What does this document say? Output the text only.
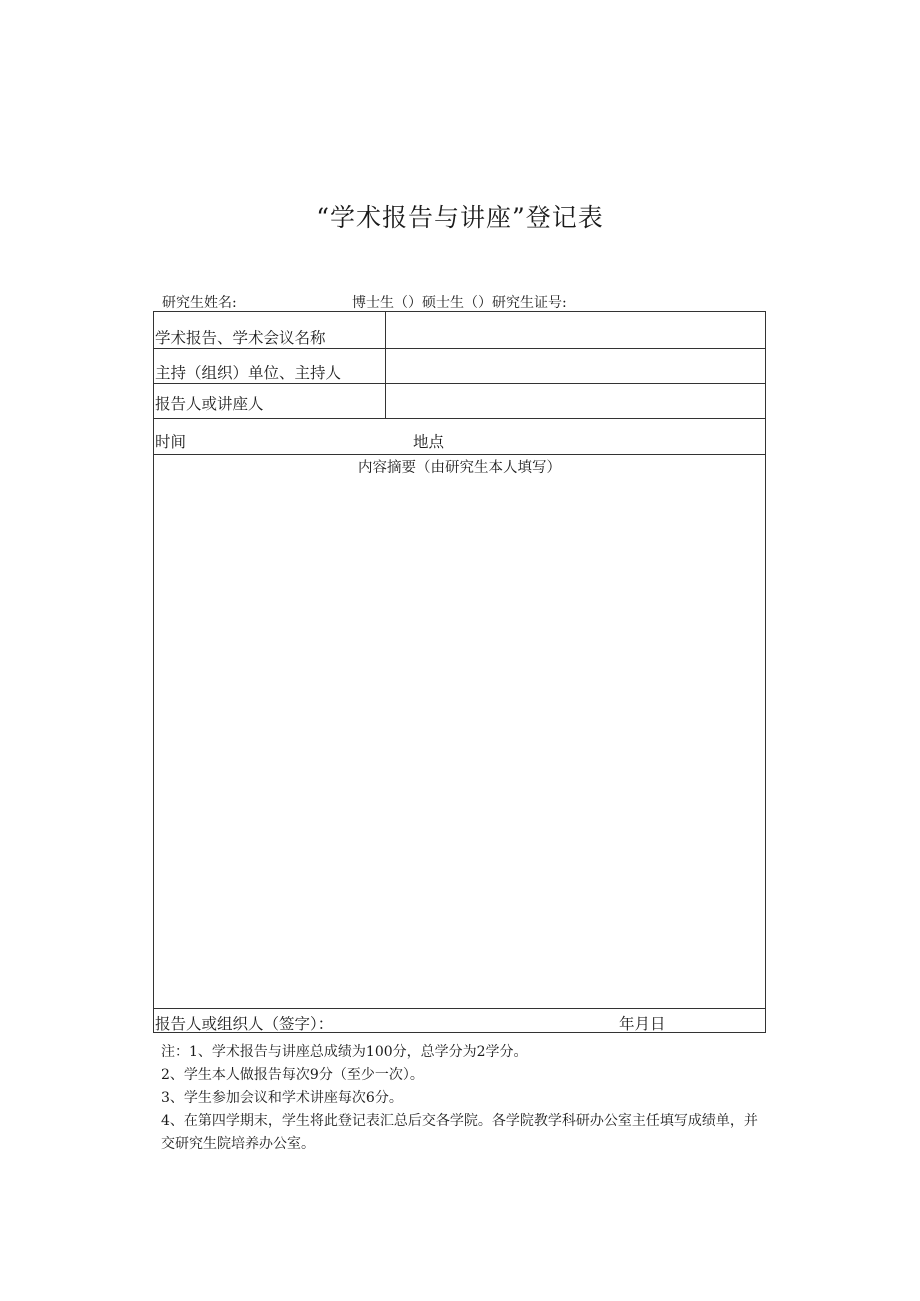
“学术报告与讲座”登记表
研究生姓名:	博士生（）硕士生（）研究生证号:
学术报告、学术会议名称
主持（组织）单位、主持人
报告人或讲座人
时间	地点
内容摘要（由研究生本人填写）
报告人或组织人（签字）：	年月日

注：1、学术报告与讲座总成绩为100分，总学分为2学分。

2、学生本人做报告每次9分（至少一次）。

3、学生参加会议和学术讲座每次6分。

4、在第四学期末，学生将此登记表汇总后交各学院。各学院教学科研办公室主任填写成绩单，并交研究生院培养办公室。
